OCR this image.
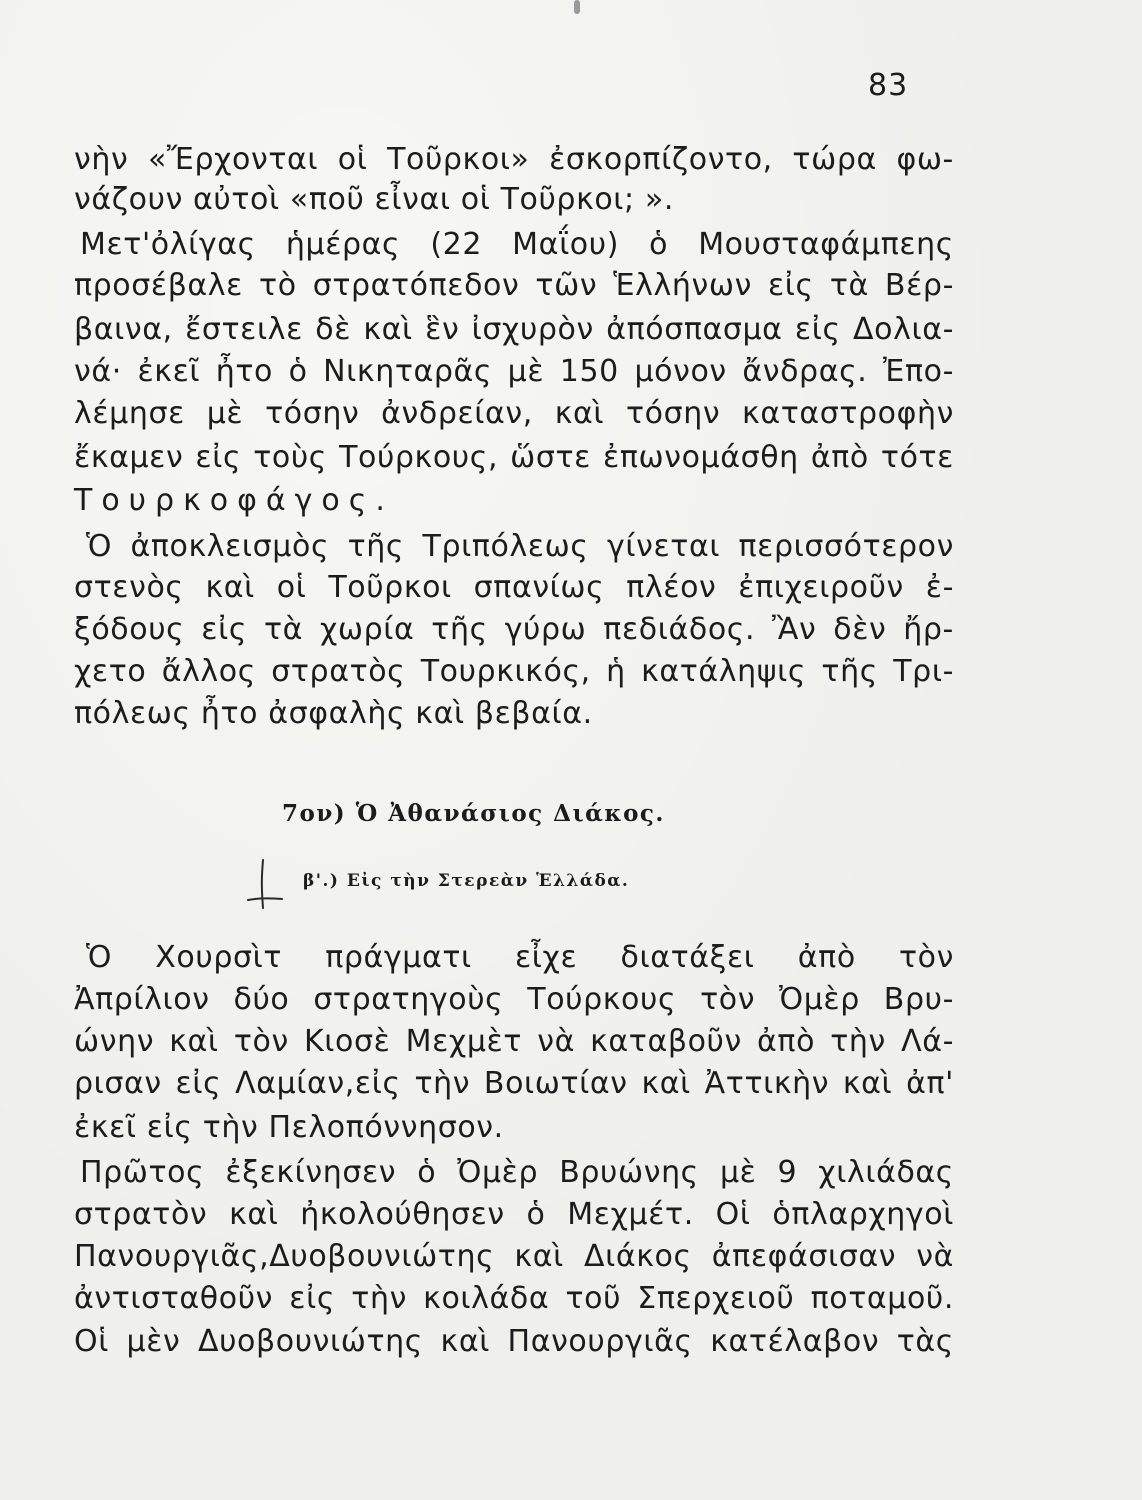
83
νὴν «Ἔρχονται οἱ Τοῦρκοι» ἐσκορπίζοντο, τώρα φω-
νάζουν αὐτοὶ «ποῦ εἶναι οἱ Τοῦρκοι; ».
Μετ'ὀλίγας ἡμέρας (22 Μαΐου) ὁ Μουσταφάμπεης
προσέβαλε τὸ στρατόπεδον τῶν Ἑλλήνων εἰς τὰ Βέρ-
βαινα, ἔστειλε δὲ καὶ ἓν ἰσχυρὸν ἀπόσπασμα εἰς Δολια-
νά· ἐκεῖ ἦτο ὁ Νικηταρᾶς μὲ 150 μόνον ἄνδρας. Ἐπο-
λέμησε μὲ τόσην ἀνδρείαν, καὶ τόσην καταστροφὴν
ἔκαμεν εἰς τοὺς Τούρκους, ὥστε ἐπωνομάσθη ἀπὸ τότε
Τουρκοφάγος.
Ὁ ἀποκλεισμὸς τῆς Τριπόλεως γίνεται περισσότερον
στενὸς καὶ οἱ Τοῦρκοι σπανίως πλέον ἐπιχειροῦν ἐ-
ξόδους εἰς τὰ χωρία τῆς γύρω πεδιάδος. Ἂν δὲν ἤρ-
χετο ἄλλος στρατὸς Τουρκικός, ἡ κατάληψις τῆς Τρι-
πόλεως ἦτο ἀσφαλὴς καὶ βεβαία.
7ον) Ὁ Ἀθανάσιος Διάκος.
β'.) Εἰς τὴν Στερεὰν Ἑλλάδα.
Ὁ Χουρσὶτ πράγματι εἶχε διατάξει ἀπὸ τὸν
Ἀπρίλιον δύο στρατηγοὺς Τούρκους τὸν Ὀμὲρ Βρυ-
ώνην καὶ τὸν Κιοσὲ Μεχμὲτ νὰ καταβοῦν ἀπὸ τὴν Λά-
ρισαν εἰς Λαμίαν,εἰς τὴν Βοιωτίαν καὶ Ἀττικὴν καὶ ἀπ'
ἐκεῖ εἰς τὴν Πελοπόννησον.
Πρῶτος ἐξεκίνησεν ὁ Ὀμὲρ Βρυώνης μὲ 9 χιλιάδας
στρατὸν καὶ ἠκολούθησεν ὁ Μεχμέτ. Οἱ ὁπλαρχηγοὶ
Πανουργιᾶς,Δυοβουνιώτης καὶ Διάκος ἀπεφάσισαν νὰ
ἀντισταθοῦν εἰς τὴν κοιλάδα τοῦ Σπερχειοῦ ποταμοῦ.
Οἱ μὲν Δυοβουνιώτης καὶ Πανουργιᾶς κατέλαβον τὰς
